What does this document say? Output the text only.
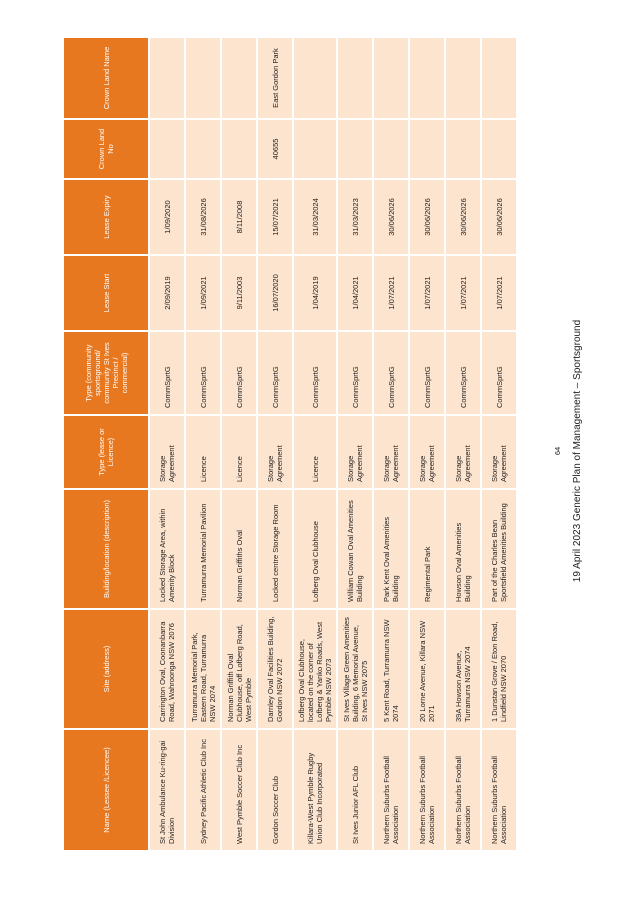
Name (Lessee /Licencee)	Site (address)	Building/location (description)	Type (lease or Licence)	Type (community sportsground/ community St Ives Precinct / commercial)	Lease Start	Lease Expiry	Crown Land No	Crown Land Name
St John Ambulance Ku-ring-gai Division	Carrington Oval, Coonanbarra Road, Wahroonga NSW 2076	Locked Storage Area, within Amenity Block	Storage Agreement	CommSprtG	2/09/2019	1/09/2020		
Sydney Pacific Athletic Club Inc	Turramurra Memorial Park, Eastern Road, Turramurra NSW 2074	Turramurra Memorial Pavilion	Licence	CommSprtG	1/09/2021	31/08/2026		
West Pymble Soccer Club Inc	Norman Griffith Oval Clubhouse, off Lofberg Road, West Pymble	Norman Griffiths Oval	Licence	CommSprtG	9/11/2003	8/11/2008		
Gordon Soccer Club	Darnley Oval Facilities Building, Gordon NSW 2072	Locked centre Storage Room	Storage Agreement	CommSprtG	16/07/2020	15/07/2021	40655	East Gordon Park
Killara-West Pymble Rugby Union Club Incorporated	Lofberg Oval Clubhouse, located on the corner of Lofberg & Yanko Roads, West Pymble NSW 2073	Lofberg Oval Clubhouse	Licence	CommSprtG	1/04/2019	31/03/2024		
St Ives Junior AFL Club	St Ives Village Green Amenities Building, 6 Memorial Avenue, St Ives NSW 2075	William Cowan Oval Amenities Building	Storage Agreement	CommSprtG	1/04/2021	31/03/2023		
Northern Suburbs Football Association	5 Kent Road, Turramurra NSW 2074	Park Kent Oval Amenities Building	Storage Agreement	CommSprtG	1/07/2021	30/06/2026		
Northern Suburbs Football Association	20 Lorne Avenue, Killara NSW 2071	Regimental Park	Storage Agreement	CommSprtG	1/07/2021	30/06/2026		
Northern Suburbs Football Association	39A Howson Avenue, Turramurra NSW 2074	Howson Oval Amenities Building	Storage Agreement	CommSprtG	1/07/2021	30/06/2026		
Northern Suburbs Football Association	1 Dunstan Grove / Eton Road, Lindfield NSW 2070	Part of the Charles Bean Sportsfield Amenities Building	Storage Agreement	CommSprtG	1/07/2021	30/06/2026		
64 19 April 2023 Generic Plan of Management – Sportsground
